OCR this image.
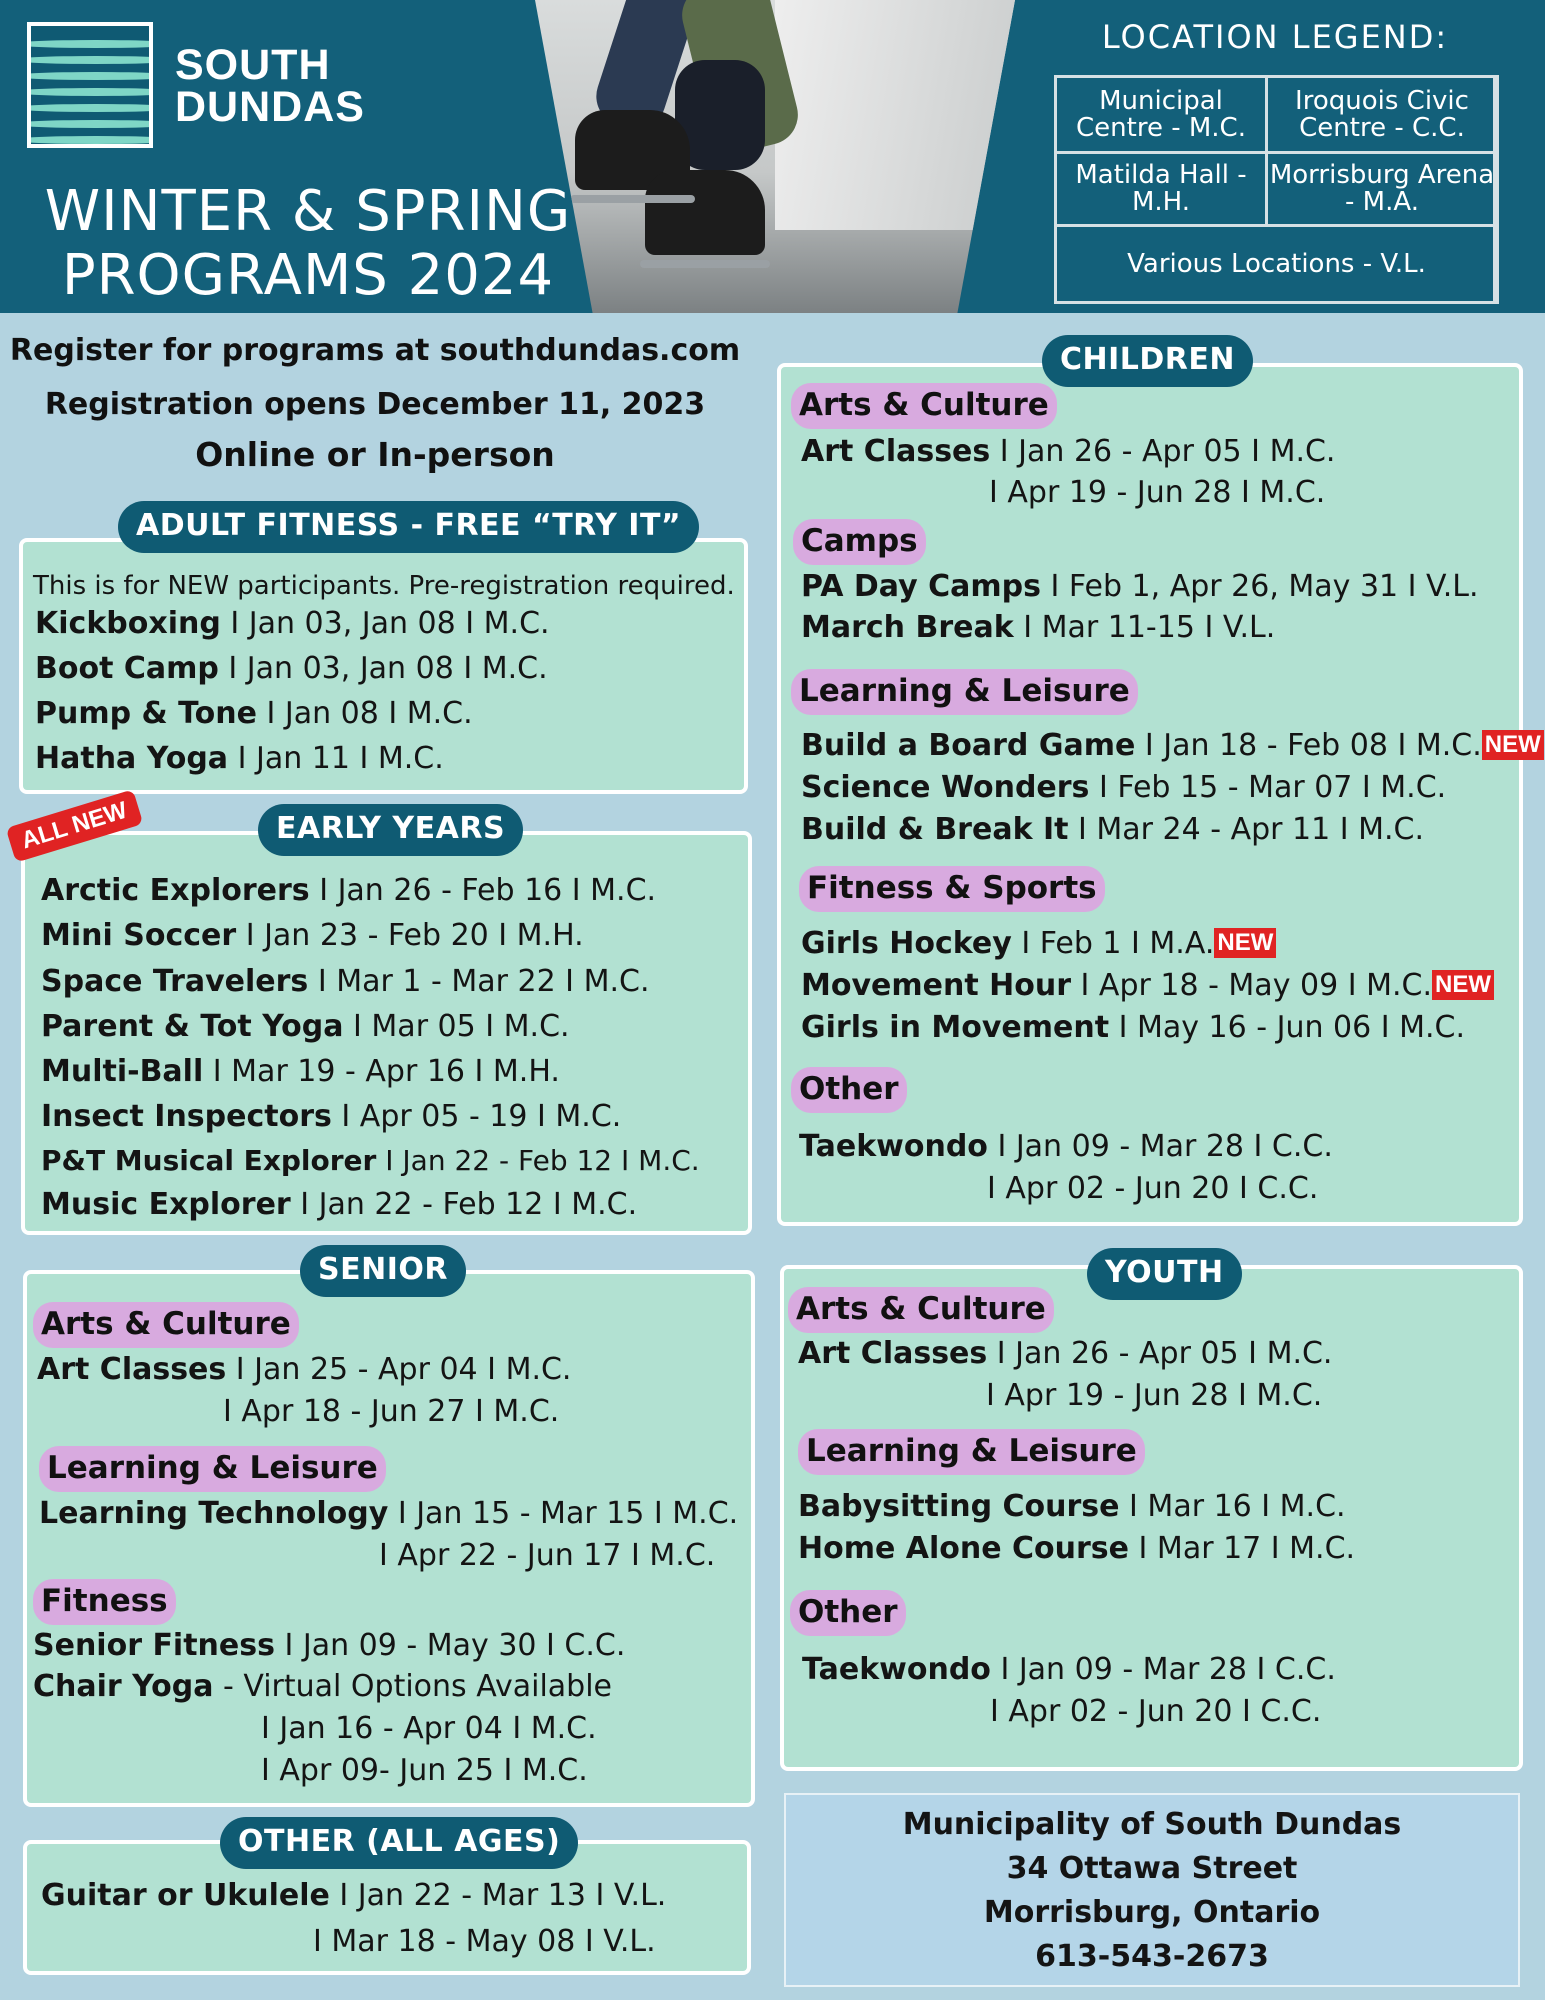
SOUTH
DUNDAS
WINTER & SPRING
PROGRAMS 2024
LOCATION LEGEND:
Municipal Centre - M.C.
Iroquois Civic Centre - C.C.
Matilda Hall - M.H.
Morrisburg Arena - M.A.
Various Locations - V.L.
Register for programs at southdundas.com
Registration opens December 11, 2023
Online or In-person
This is for NEW participants. Pre-registration required.
Kickboxing I Jan 03, Jan 08 I M.C.
Boot Camp I Jan 03, Jan 08 I M.C.
Pump & Tone I Jan 08 I M.C.
Hatha Yoga I Jan 11 I M.C.
ADULT FITNESS - FREE “TRY IT”
Arctic Explorers I Jan 26 - Feb 16 I M.C.
Mini Soccer I Jan 23 - Feb 20 I M.H.
Space Travelers I Mar 1 - Mar 22 I M.C.
Parent & Tot Yoga I Mar 05 I M.C.
Multi-Ball I Mar 19 - Apr 16 I M.H.
Insect Inspectors I Apr 05 - 19 I M.C.
P&T Musical Explorer I Jan 22 - Feb 12 I M.C.
Music Explorer I Jan 22 - Feb 12 I M.C.
EARLY YEARS
ALL NEW
Arts & Culture
Art Classes I Jan 25 - Apr 04 I M.C.
I Apr 18 - Jun 27 I M.C.
Learning & Leisure
Learning Technology I Jan 15 - Mar 15 I M.C.
I Apr 22 - Jun 17 I M.C.
Fitness
Senior Fitness I Jan 09 - May 30 I C.C.
Chair Yoga - Virtual Options Available
I Jan 16 - Apr 04 I M.C.
I Apr 09- Jun 25 I M.C.
SENIOR
Guitar or Ukulele I Jan 22 - Mar 13 I V.L.
I Mar 18 - May 08 I V.L.
OTHER (ALL AGES)
Arts & Culture
Art Classes I Jan 26 - Apr 05 I M.C.
I Apr 19 - Jun 28 I M.C.
Camps
PA Day Camps I Feb 1, Apr 26, May 31 I V.L.
March Break I Mar 11-15 I V.L.
Learning & Leisure
Build a Board Game I Jan 18 - Feb 08 I M.C. NEW
Science Wonders I Feb 15 - Mar 07 I M.C.
Build & Break It I Mar 24 - Apr 11 I M.C.
Fitness & Sports
Girls Hockey I Feb 1 I M.A. NEW
Movement Hour I Apr 18 - May 09 I M.C. NEW
Girls in Movement I May 16 - Jun 06 I M.C.
Other
Taekwondo I Jan 09 - Mar 28 I C.C.
I Apr 02 - Jun 20 I C.C.
CHILDREN
Arts & Culture
Art Classes I Jan 26 - Apr 05 I M.C.
I Apr 19 - Jun 28 I M.C.
Learning & Leisure
Babysitting Course I Mar 16 I M.C.
Home Alone Course I Mar 17 I M.C.
Other
Taekwondo I Jan 09 - Mar 28 I C.C.
I Apr 02 - Jun 20 I C.C.
YOUTH
Municipality of South Dundas
34 Ottawa Street
Morrisburg, Ontario
613-543-2673
